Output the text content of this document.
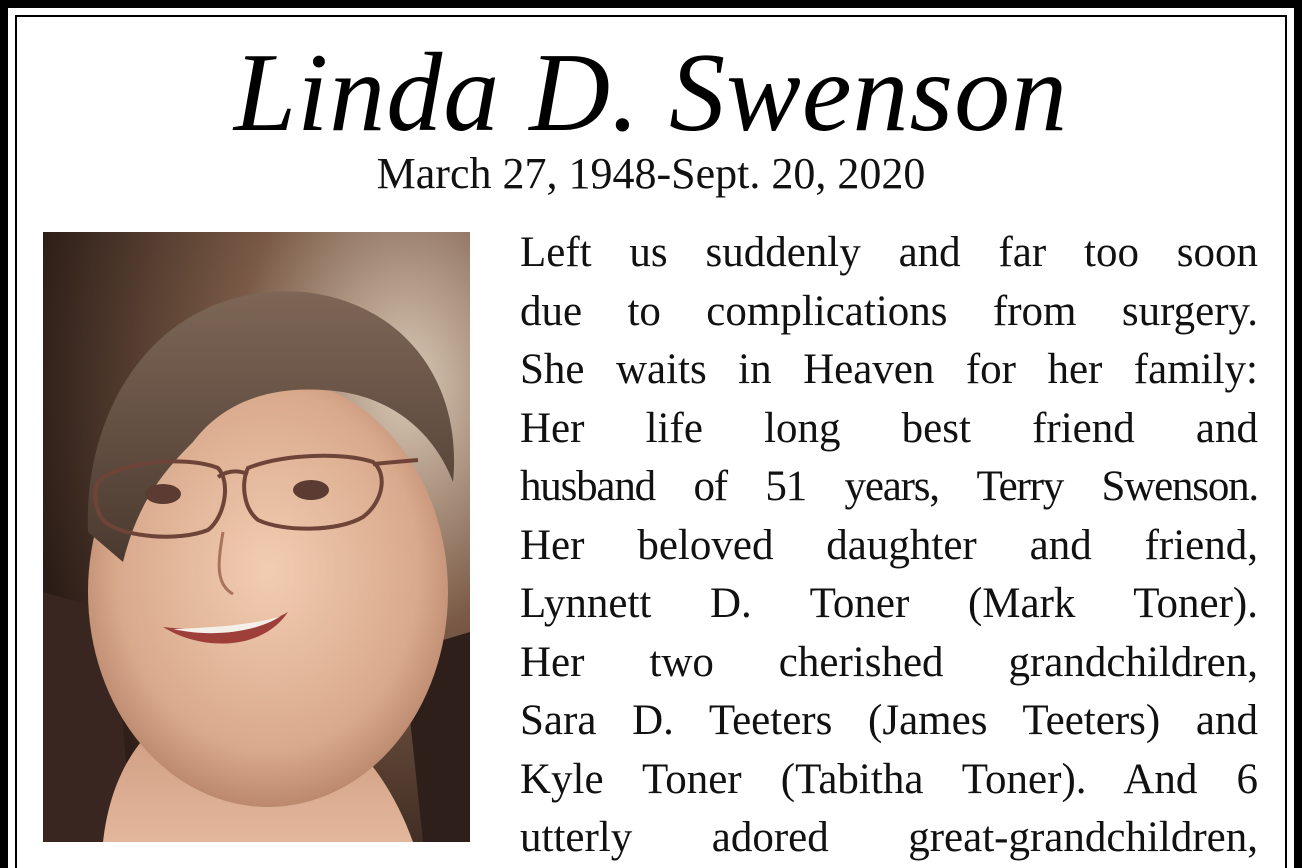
Linda D. Swenson
March 27, 1948-Sept. 20, 2020
Left us suddenly and far too soon
due to complications from surgery.
She waits in Heaven for her family:
Her life long best friend and
husband of 51 years, Terry Swenson.
Her beloved daughter and friend,
Lynnett D. Toner (Mark Toner).
Her two cherished grandchildren,
Sara D. Teeters (James Teeters) and
Kyle Toner (Tabitha Toner). And 6
utterly adored great-grandchildren,
